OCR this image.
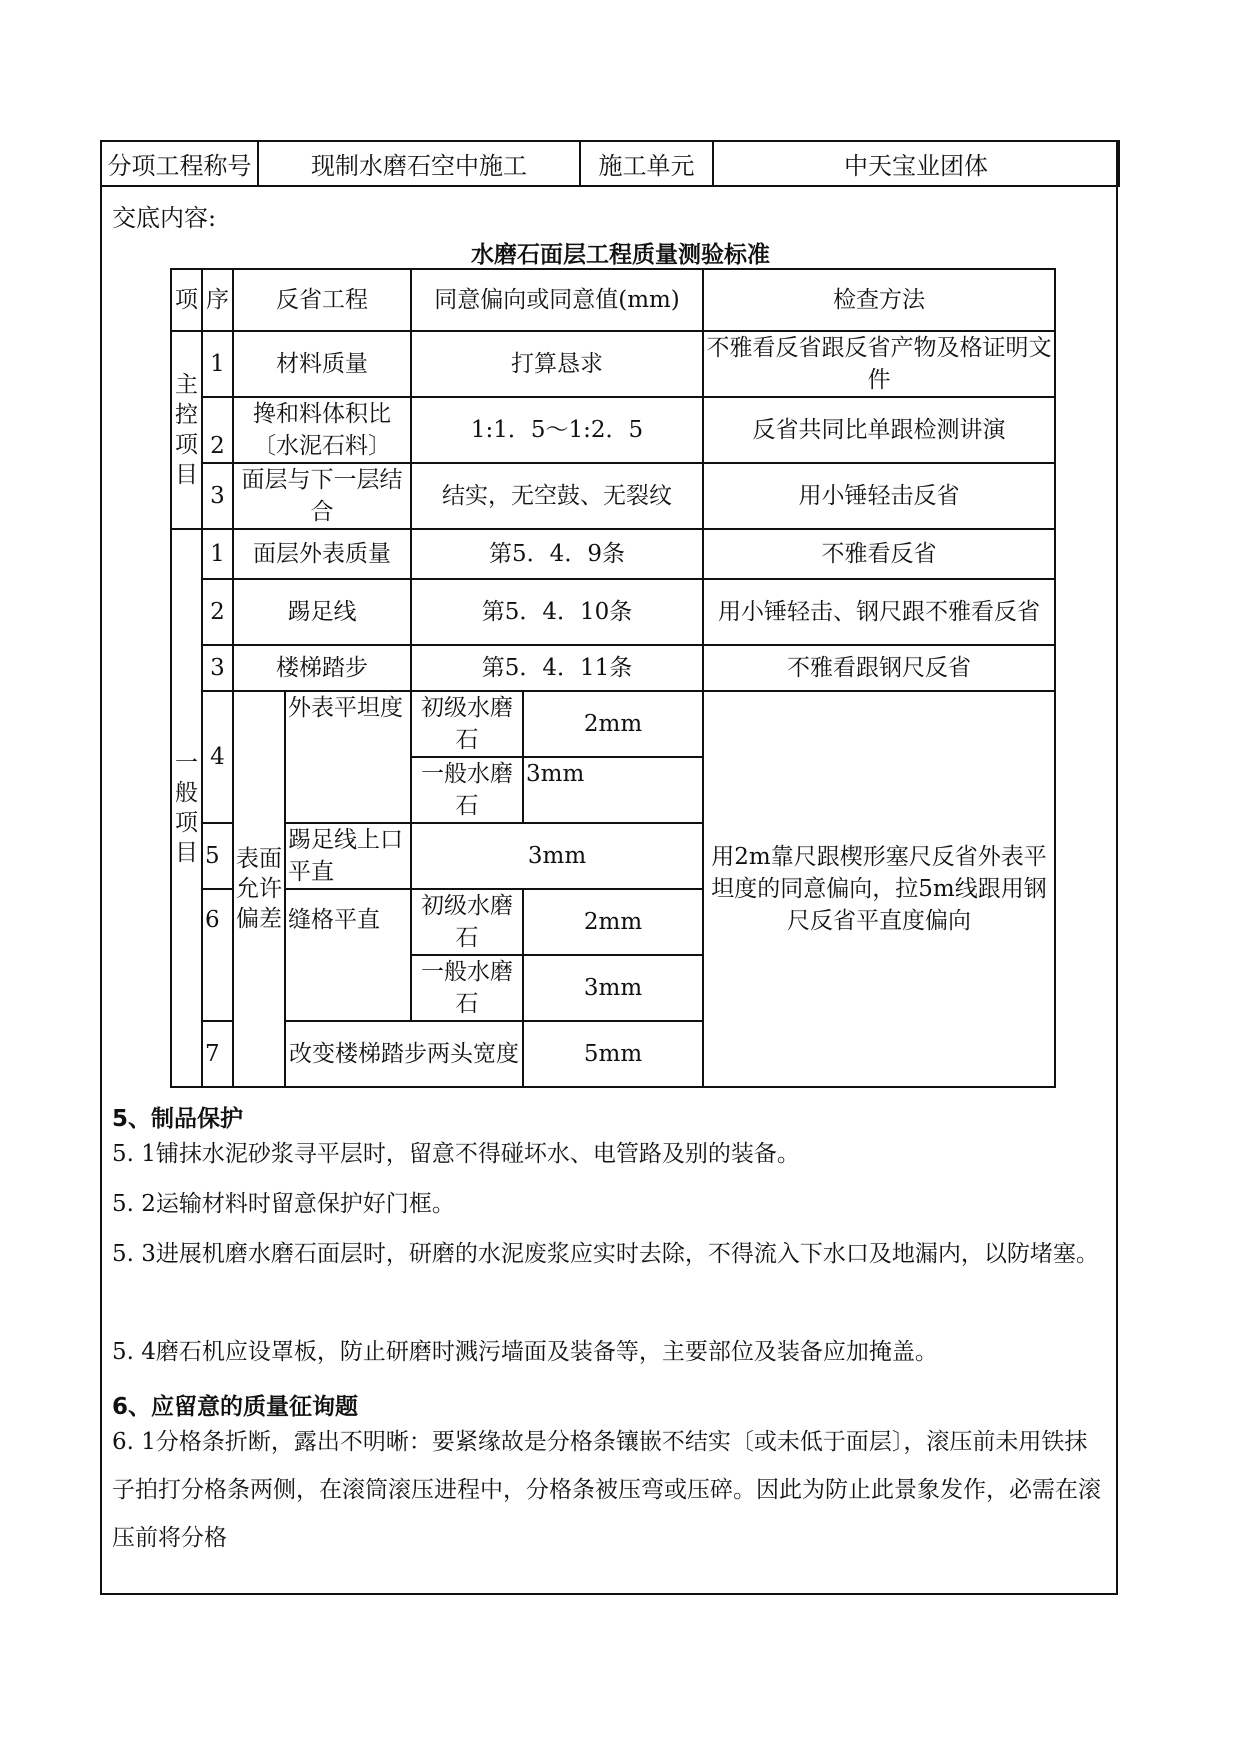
分项工程称号	现制水磨石空中施工	施工单元	中天宝业团体
交底内容:
水磨石面层工程质量测验标准
项	序	反省工程		同意偏向或同意值(mm)		检查方法
主控项目	1	材料质量		打算恳求		不雅看反省跟反省产物及格证明文件
	2	搀和料体积比〔水泥石料〕		1:1．5～1:2．5		反省共同比单跟检测讲演
	3	面层与下一层结合		结实，无空鼓、无裂纹		用小锤轻击反省
一般项目	1	面层外表质量		第5．4．9条		不雅看反省
	2	踢足线		第5．4．10条		用小锤轻击、钢尺跟不雅看反省
	3	楼梯踏步		第5．4．11条		不雅看跟钢尺反省
	4	表面允许偏差	外表平坦度	初级水磨石	2mm	用2m靠尺跟楔形塞尺反省外表平坦度的同意偏向，拉5m线跟用钢尺反省平直度偏向
				一般水磨石	3mm	
	5		踢足线上口平直	3mm		
	6		缝格平直	初级水磨石	2mm	
				一般水磨石	3mm	
	7		改变楼梯踏步两头宽度		5mm	
5、制品保护
5. 1铺抹水泥砂浆寻平层时，留意不得碰坏水、电管路及别的装备。
5. 2运输材料时留意保护好门框。
5. 3进展机磨水磨石面层时，研磨的水泥废浆应实时去除，不得流入下水口及地漏内，以防堵塞。
5. 4磨石机应设罩板，防止研磨时溅污墙面及装备等，主要部位及装备应加掩盖。
6、应留意的质量征询题
6. 1分格条折断，露出不明晰：要紧缘故是分格条镶嵌不结实〔或未低于面层〕，滚压前未用铁抹子拍打分格条两侧，在滚筒滚压进程中，分格条被压弯或压碎。因此为防止此景象发作，必需在滚压前将分格
